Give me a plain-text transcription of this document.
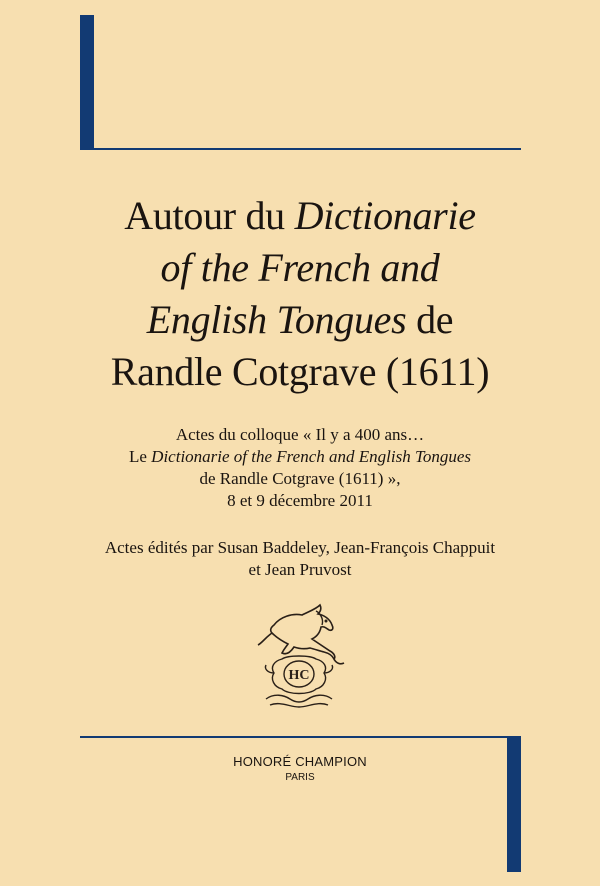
Autour du Dictionarie
of the French and
English Tongues de
Randle Cotgrave (1611)
Actes du colloque « Il y a 400 ans…
Le Dictionarie of the French and English Tongues
de Randle Cotgrave (1611) »,
8 et 9 décembre 2011
Actes édités par Susan Baddeley, Jean-François Chappuit
et Jean Pruvost
HC
HONORÉ CHAMPION
PARIS
